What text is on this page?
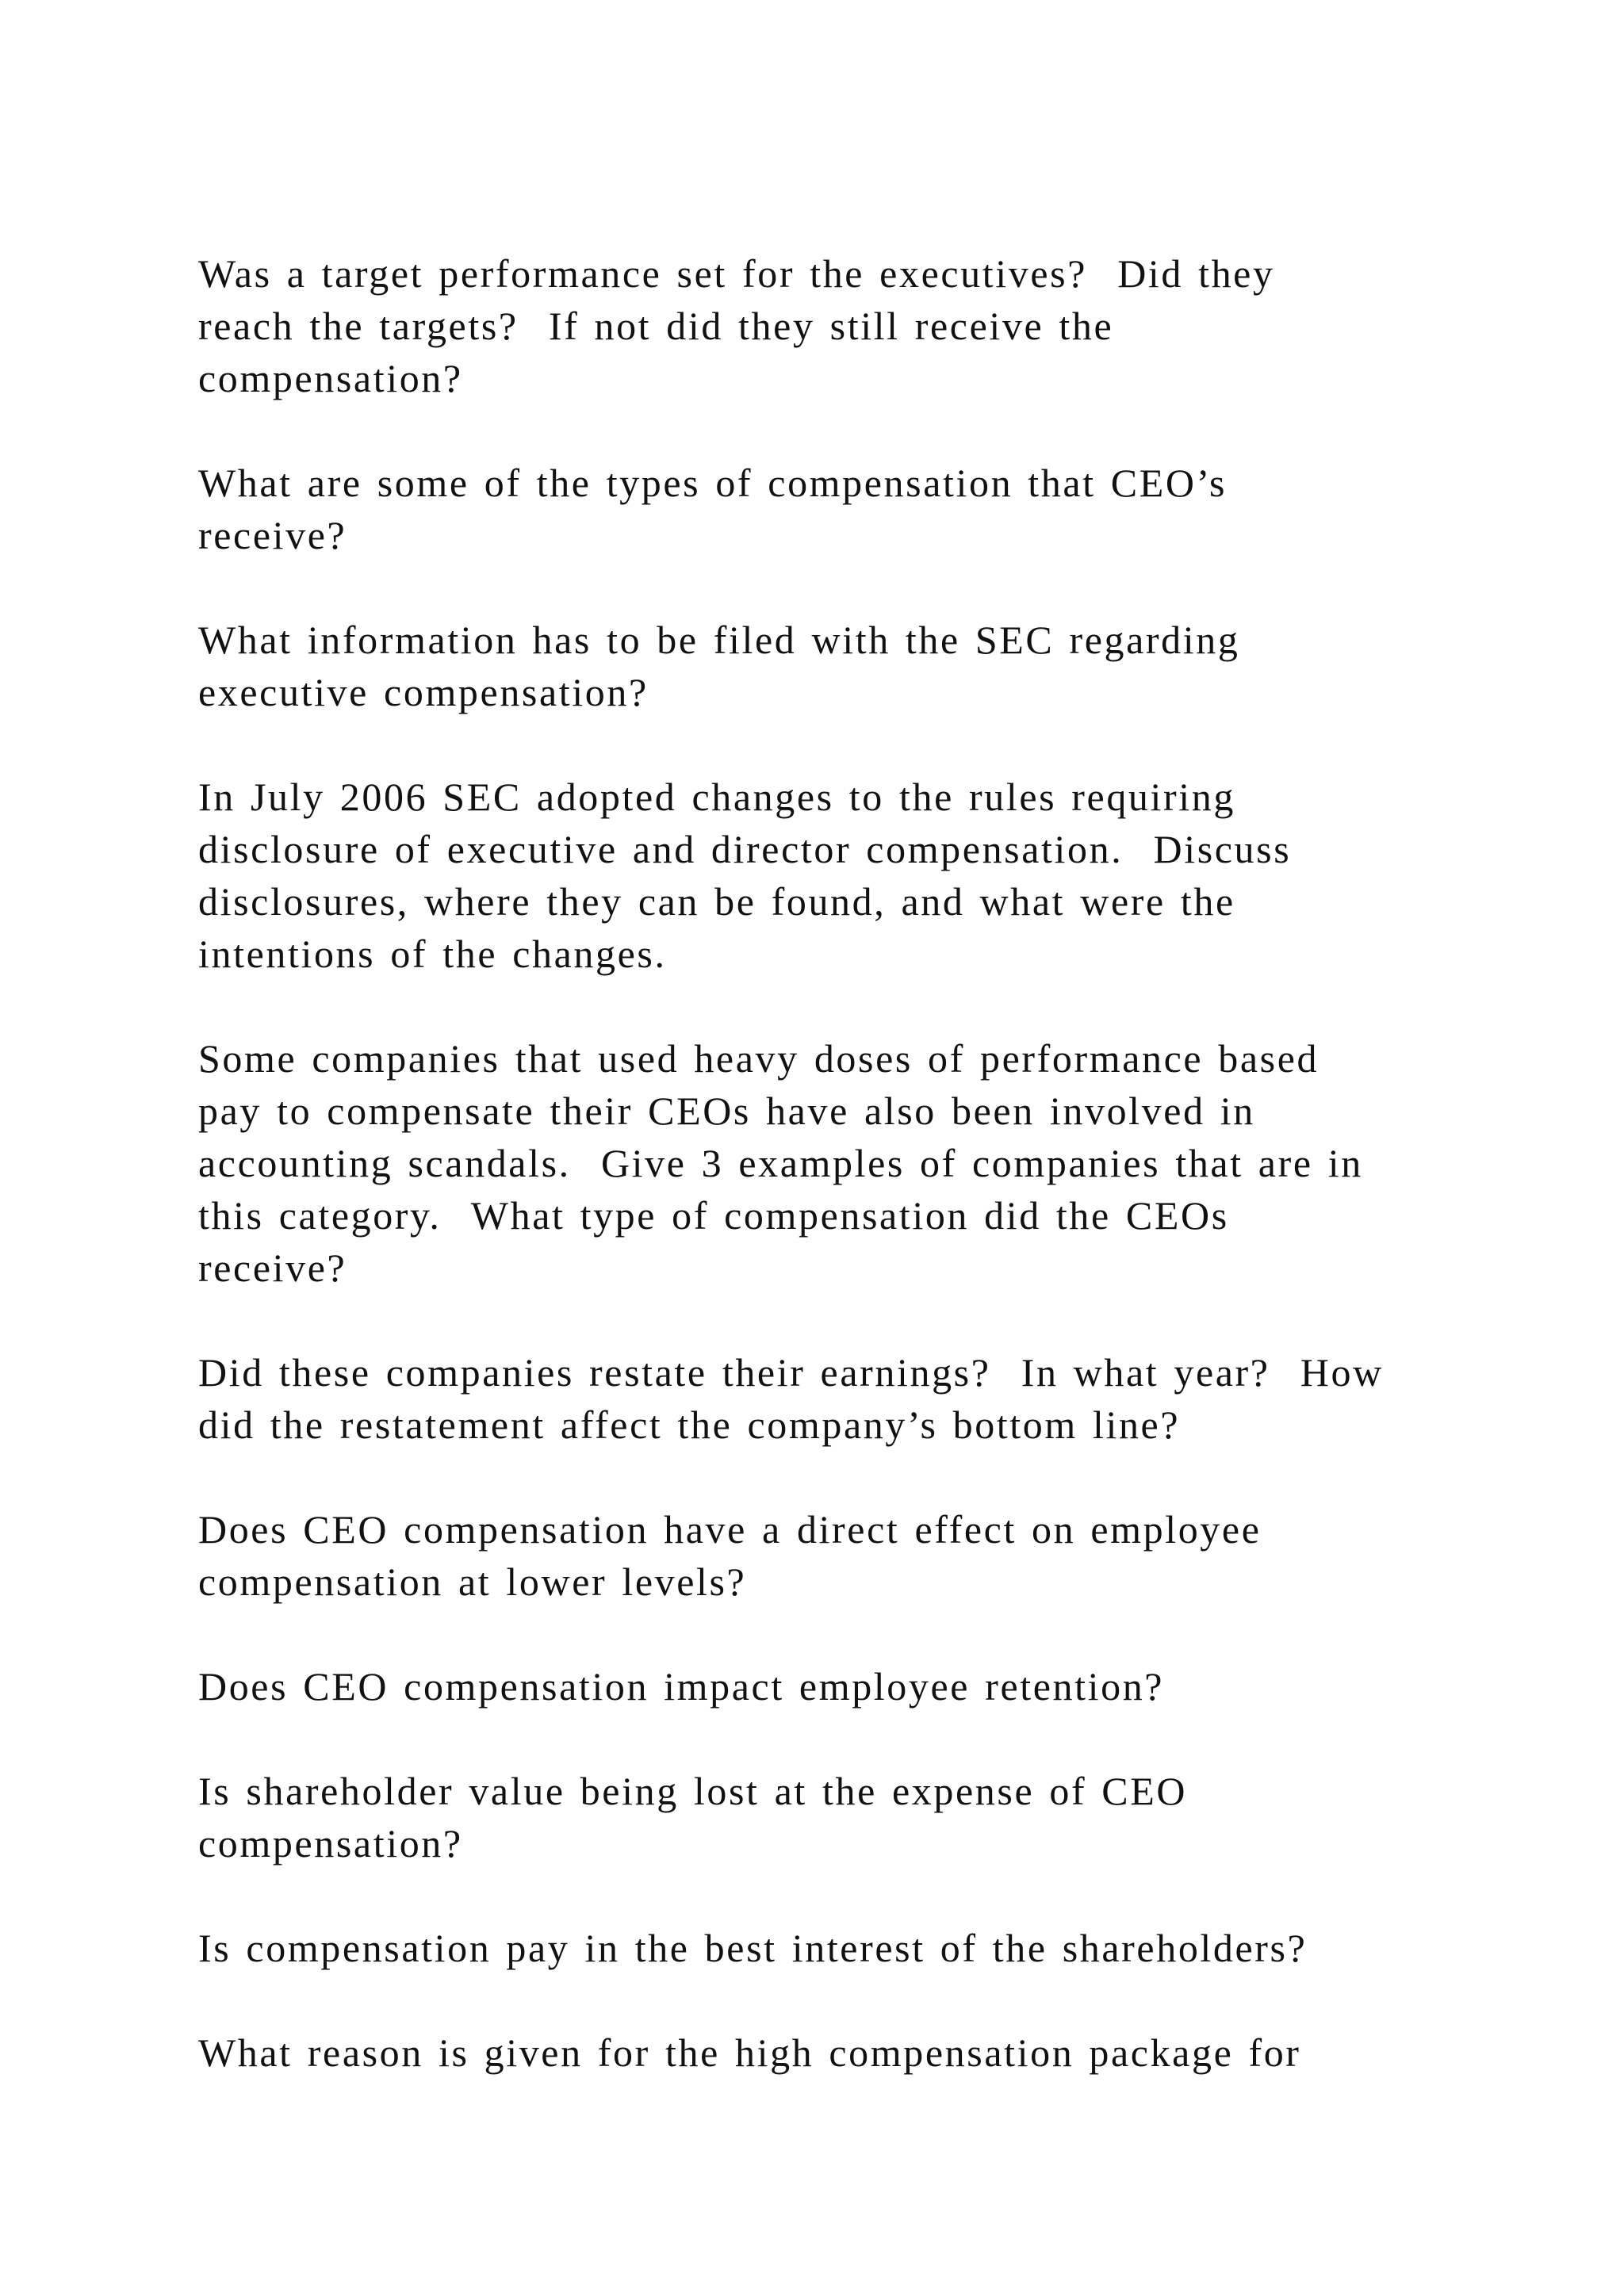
Was a target performance set for the executives?  Did they
reach the targets?  If not did they still receive the
compensation?
What are some of the types of compensation that CEO’s
receive?
What information has to be filed with the SEC regarding
executive compensation?
In July 2006 SEC adopted changes to the rules requiring
disclosure of executive and director compensation.  Discuss
disclosures, where they can be found, and what were the
intentions of the changes.
Some companies that used heavy doses of performance based
pay to compensate their CEOs have also been involved in
accounting scandals.  Give 3 examples of companies that are in
this category.  What type of compensation did the CEOs
receive?
Did these companies restate their earnings?  In what year?  How
did the restatement affect the company’s bottom line?
Does CEO compensation have a direct effect on employee
compensation at lower levels?
Does CEO compensation impact employee retention?
Is shareholder value being lost at the expense of CEO
compensation?
Is compensation pay in the best interest of the shareholders?
What reason is given for the high compensation package for
